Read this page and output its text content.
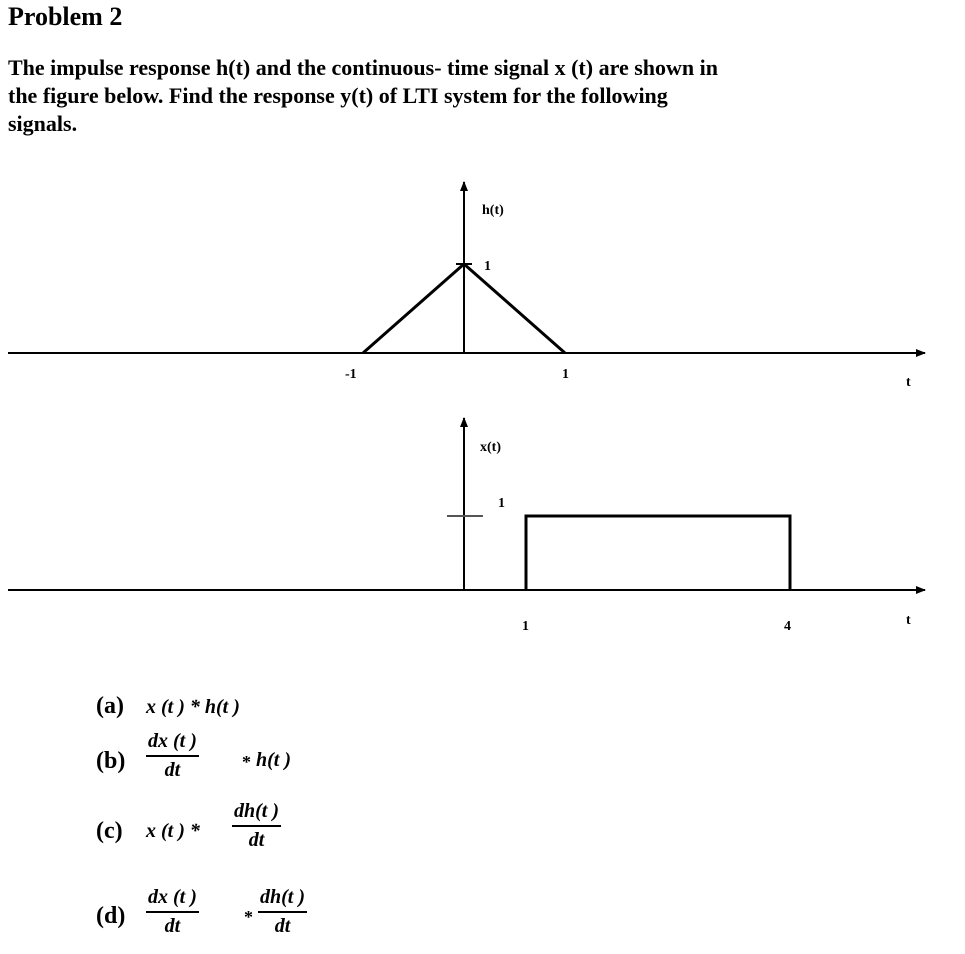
Problem 2

The impulse response h(t) and the continuous- time signal x (t) are shown in
the figure below. Find the response y(t) of LTI system for the following
signals.

h(t)
1
-1	1
t
x(t)
1
1	4	t
(a) x (t ) * h(t )
$(b) \frac{dx (t )}{dt} * h(t$ )
(c) x (t ) * $\frac{dh(t )}{dt}$
$(d) \frac{dx (t )}{dt}$	* $\frac{dh(t )}{dt}$
